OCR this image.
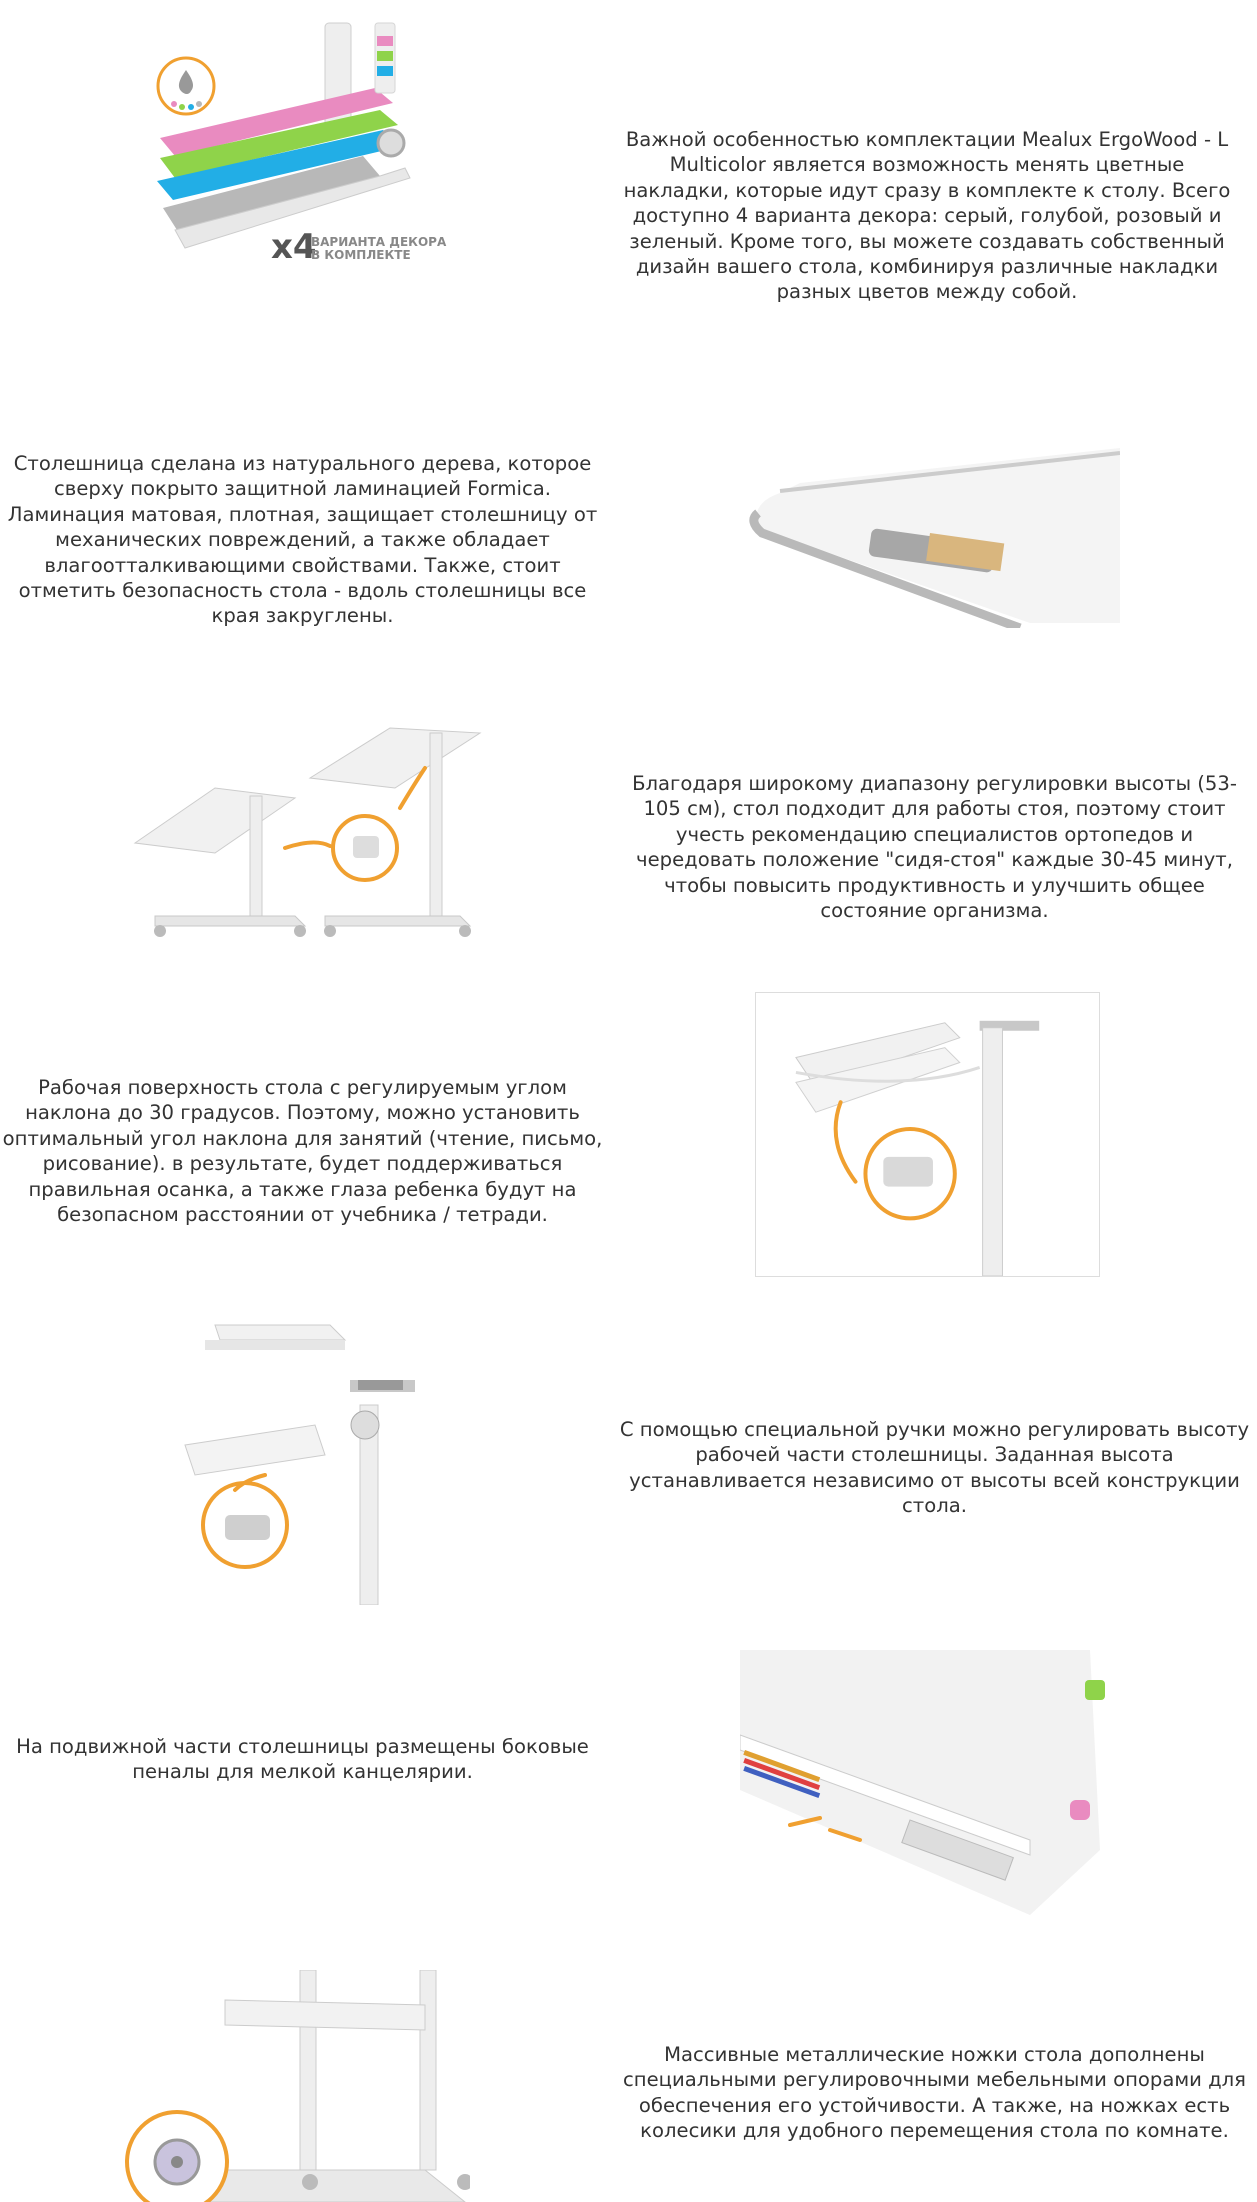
x4
ВАРИАНТА ДЕКОРА
В КОМПЛЕКТЕ
Важной особенностью комплектации Mealux ErgoWood - L Multicolor является возможность менять цветные накладки, которые идут сразу в комплекте к столу. Всего доступно 4 варианта декора: серый, голубой, розовый и зеленый. Кроме того, вы можете создавать собственный дизайн вашего стола, комбинируя различные накладки разных цветов между собой.
Столешница сделана из натурального дерева, которое сверху покрыто защитной ламинацией Formica. Ламинация матовая, плотная, защищает столешницу от механических повреждений, а также обладает влагоотталкивающими свойствами. Также, стоит отметить безопасность стола - вдоль столешницы все края закруглены.
Благодаря широкому диапазону регулировки высоты (53-105 см), стол подходит для работы стоя, поэтому стоит учесть рекомендацию специалистов ортопедов и чередовать положение "сидя-стоя" каждые 30-45 минут, чтобы повысить продуктивность и улучшить общее состояние организма.
Рабочая поверхность стола с регулируемым углом наклона до 30 градусов. Поэтому, можно установить оптимальный угол наклона для занятий (чтение, письмо, рисование). в результате, будет поддерживаться правильная осанка, а также глаза ребенка будут на безопасном расстоянии от учебника / тетради.
С помощью специальной ручки можно регулировать высоту рабочей части столешницы. Заданная высота устанавливается независимо от высоты всей конструкции стола.
На подвижной части столешницы размещены боковые пеналы для мелкой канцелярии.
Массивные металлические ножки стола дополнены специальными регулировочными мебельными опорами для обеспечения его устойчивости. А также, на ножках есть колесики для удобного перемещения стола по комнате.
